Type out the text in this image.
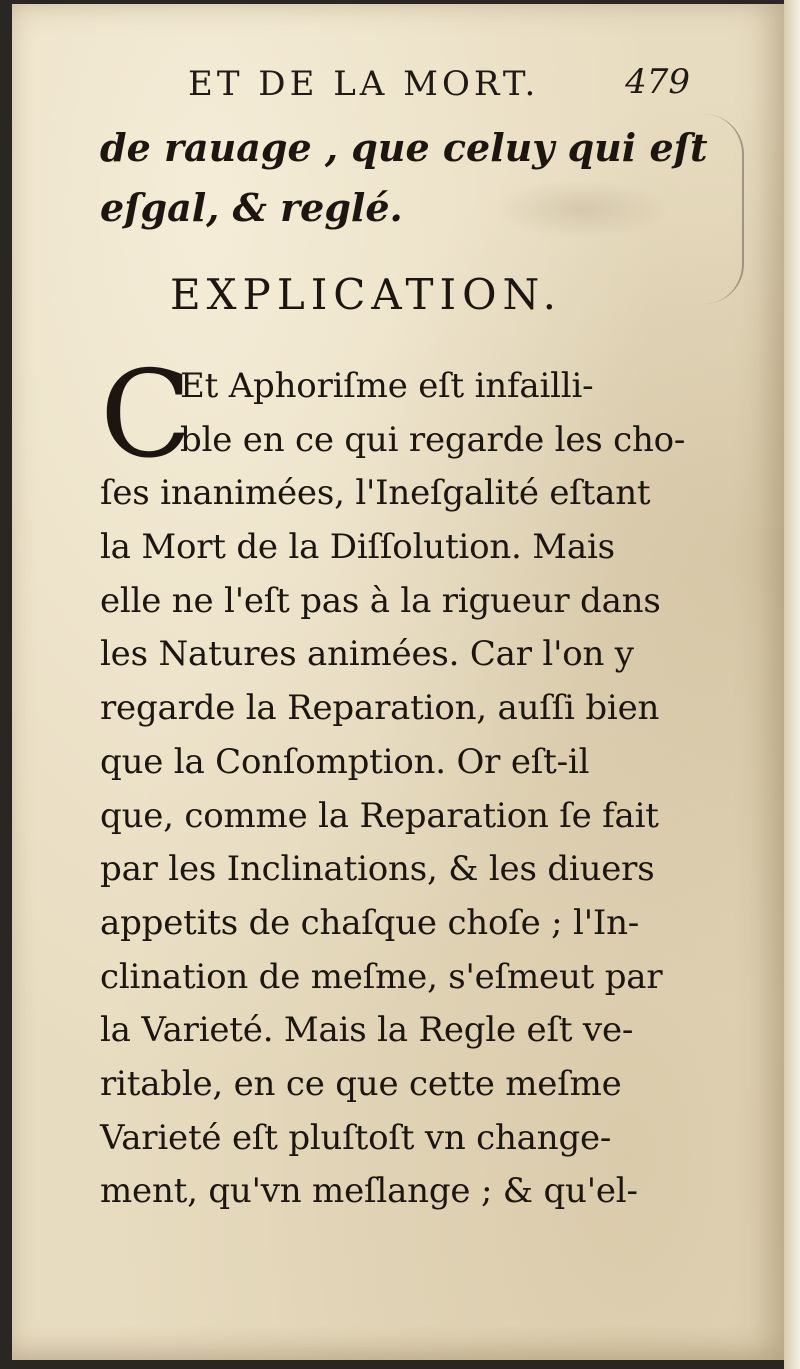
ET DE LA MORT.	479
de rauage , que celuy qui eſt
eſgal, & reglé.
EXPLICATION.
C
Et Aphoriſme eſt infailli-
ble en ce qui regarde les cho-
ſes inanimées, l'Ineſgalité eſtant
la Mort de la Diſſolution. Mais
elle ne l'eſt pas à la rigueur dans
les Natures animées. Car l'on y
regarde la Reparation, auſſi bien
que la Conſomption. Or eſt-il
que, comme la Reparation ſe fait
par les Inclinations, & les diuers
appetits de chaſque choſe ; l'In-
clination de meſme, s'eſmeut par
la Varieté. Mais la Regle eſt ve-
ritable, en ce que cette meſme
Varieté eſt pluſtoſt vn change-
ment, qu'vn meſlange ; & qu'el-
